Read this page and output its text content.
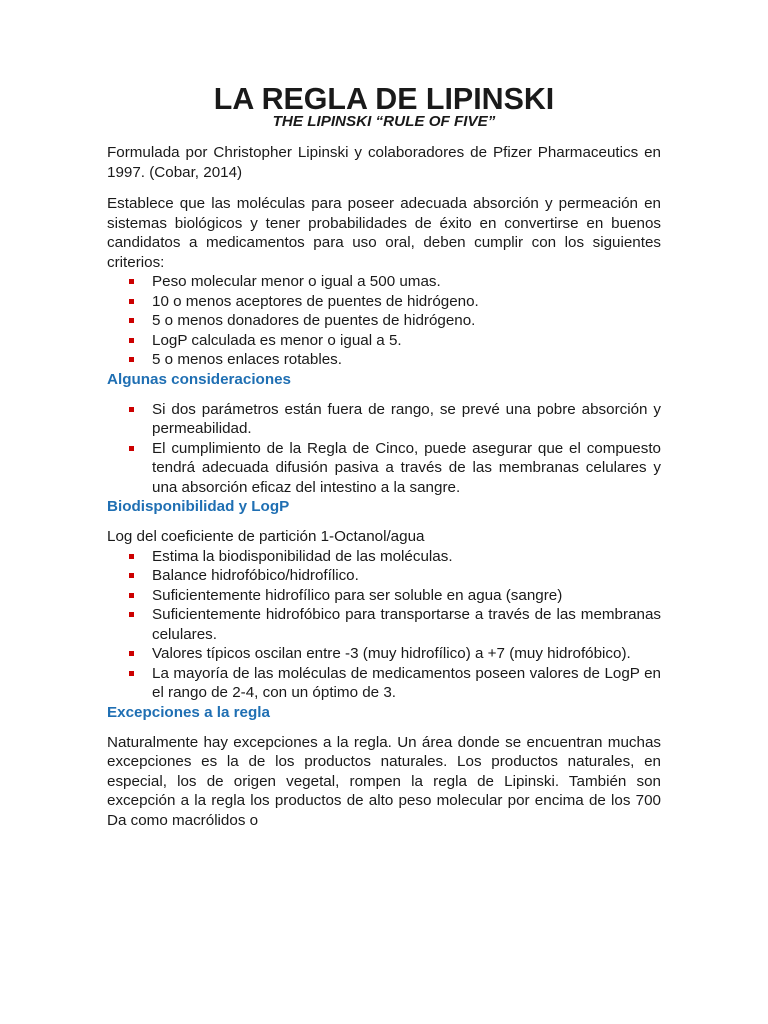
LA REGLA DE LIPINSKI
THE LIPINSKI “RULE OF FIVE”

Formulada por Christopher Lipinski y colaboradores de Pfizer Pharmaceutics en 1997. (Cobar, 2014)

Establece que las moléculas para poseer adecuada absorción y permeación en sistemas biológicos y tener probabilidades de éxito en convertirse en buenos candidatos a medicamentos para uso oral, deben cumplir con los siguientes criterios:

Peso molecular menor o igual a 500 umas.
10 o menos aceptores de puentes de hidrógeno.
5 o menos donadores de puentes de hidrógeno.
LogP calculada es menor o igual a 5.
5 o menos enlaces rotables.
Algunas consideraciones
Si dos parámetros están fuera de rango, se prevé una pobre absorción y permeabilidad.
El cumplimiento de la Regla de Cinco, puede asegurar que el compuesto tendrá adecuada difusión pasiva a través de las membranas celulares y una absorción eficaz del intestino a la sangre.
Biodisponibilidad y LogP

Log del coeficiente de partición 1-Octanol/agua

Estima la biodisponibilidad de las moléculas.
Balance hidrofóbico/hidrofílico.
Suficientemente hidrofílico para ser soluble en agua (sangre)
Suficientemente hidrofóbico para transportarse a través de las membranas celulares.
Valores típicos oscilan entre -3 (muy hidrofílico) a +7 (muy hidrofóbico).
La mayoría de las moléculas de medicamentos poseen valores de LogP en el rango de 2-4, con un óptimo de 3.
Excepciones a la regla

Naturalmente hay excepciones a la regla. Un área donde se encuentran muchas excepciones es la de los productos naturales. Los productos naturales, en especial, los de origen vegetal, rompen la regla de Lipinski. También son excepción a la regla los productos de alto peso molecular por encima de los 700 Da como macrólidos o
